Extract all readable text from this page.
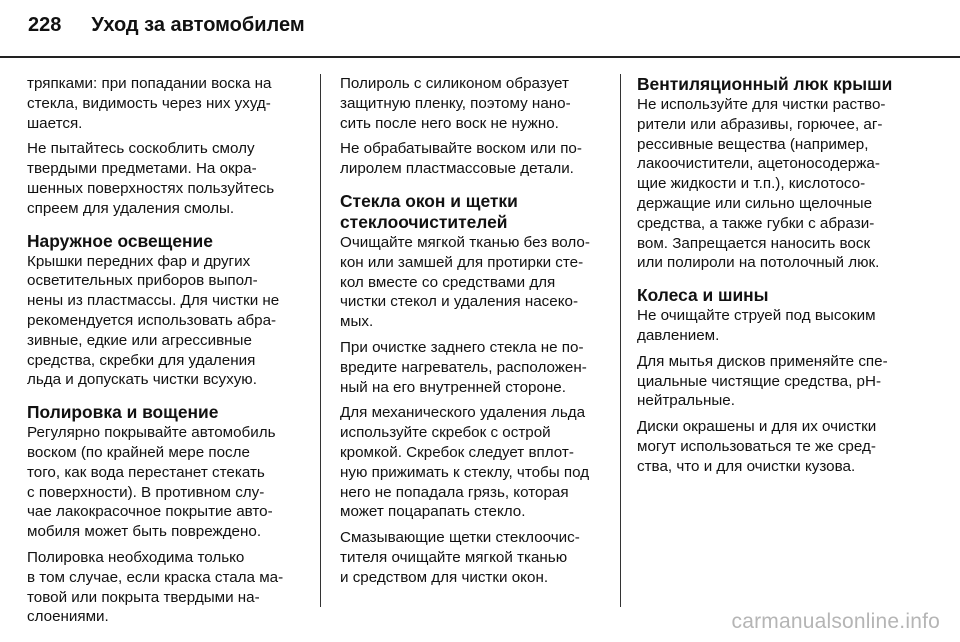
228 Уход за автомобилем

тряпками: при попадании воска на
стекла, видимость через них ухуд-
шается.

Не пытайтесь соскоблить смолу
твердыми предметами. На окра-
шенных поверхностях пользуйтесь
спреем для удаления смолы.

Наружное освещение

Крышки передних фар и других
осветительных приборов выпол-
нены из пластмассы. Для чистки не
рекомендуется использовать абра-
зивные, едкие или агрессивные
средства, скребки для удаления
льда и допускать чистки всухую.

Полировка и вощение

Регулярно покрывайте автомобиль
воском (по крайней мере после
того, как вода перестанет стекать
с поверхности). В противном слу-
чае лакокрасочное покрытие авто-
мобиля может быть повреждено.

Полировка необходима только
в том случае, если краска стала ма-
товой или покрыта твердыми на-
слоениями.

Полироль с силиконом образует
защитную пленку, поэтому нано-
сить после него воск не нужно.

Не обрабатывайте воском или по-
лиролем пластмассовые детали.

Стекла окон и щетки
стеклоочистителей

Очищайте мягкой тканью без воло-
кон или замшей для протирки сте-
кол вместе со средствами для
чистки стекол и удаления насеко-
мых.

При очистке заднего стекла не по-
вредите нагреватель, расположен-
ный на его внутренней стороне.

Для механического удаления льда
используйте скребок с острой
кромкой. Скребок следует вплот-
ную прижимать к стеклу, чтобы под
него не попадала грязь, которая
может поцарапать стекло.

Смазывающие щетки стеклоочис-
тителя очищайте мягкой тканью
и средством для чистки окон.

Вентиляционный люк крыши

Не используйте для чистки раство-
рители или абразивы, горючее, аг-
рессивные вещества (например,
лакоочистители, ацетоносодержа-
щие жидкости и т.п.), кислотосо-
держащие или сильно щелочные
средства, а также губки с абрази-
вом. Запрещается наносить воск
или полироли на потолочный люк.

Колеса и шины

Не очищайте струей под высоким
давлением.

Для мытья дисков применяйте спе-
циальные чистящие средства, pH-
нейтральные.

Диски окрашены и для их очистки
могут использоваться те же сред-
ства, что и для очистки кузова.

carmanualsonline.info
